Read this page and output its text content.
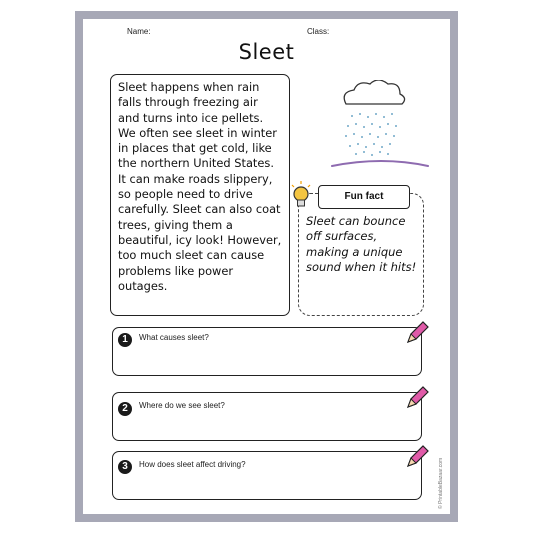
Name:	Class:
Sleet
Sleet happens when rain falls through freezing air and turns into ice pellets. We often see sleet in winter in places that get cold, like the northern United States. It can make roads slippery, so people need to drive carefully. Sleet can also coat trees, giving them a beautiful, icy look! However, too much sleet can cause problems like power outages.
Fun fact
Sleet can bounce off surfaces, making a unique sound when it hits!
1	What causes sleet?
2	Where do we see sleet?
3	How does sleet affect driving?	© PrintableBazaar.com
